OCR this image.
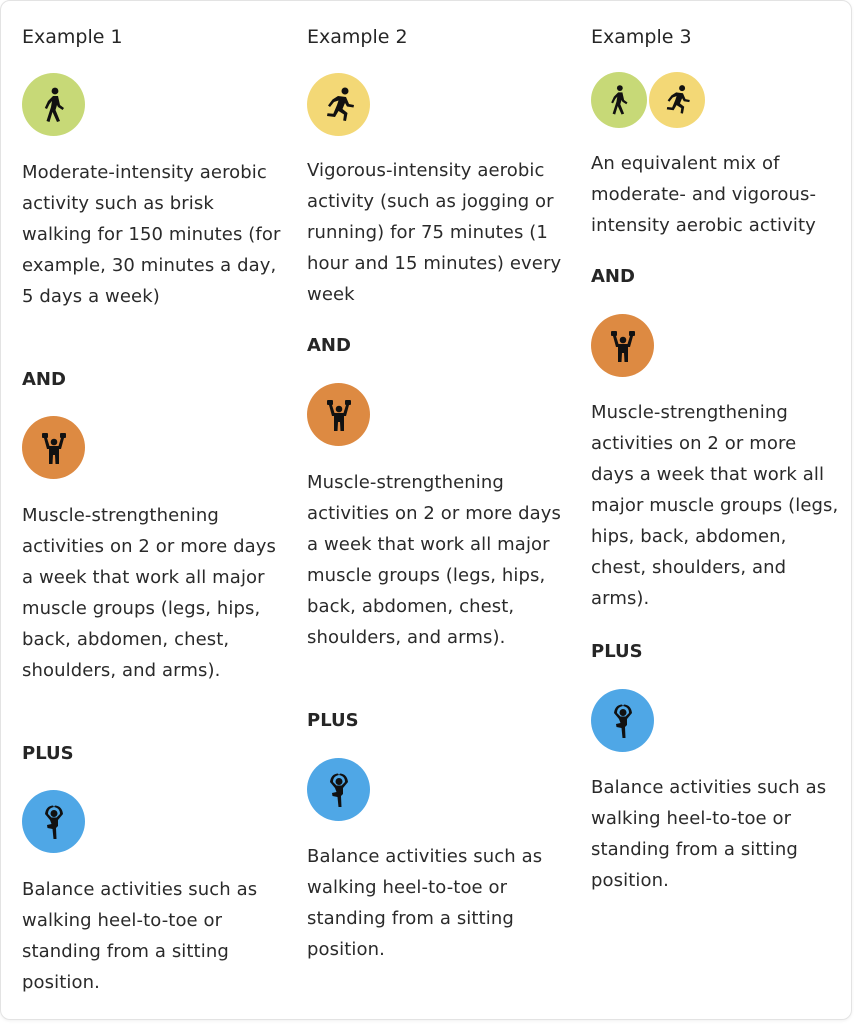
Example 1

Moderate-intensity aerobic activity such as brisk walking for 150 minutes (for example, 30 minutes a day, 5 days a week)

AND

Muscle-strengthening activities on 2 or more days a week that work all major muscle groups (legs, hips, back, abdomen, chest, shoulders, and arms).

PLUS

Balance activities such as walking heel-to-toe or standing from a sitting position.

Example 2

Vigorous-intensity aerobic activity (such as jogging or running) for 75 minutes (1 hour and 15 minutes) every week

AND

Muscle-strengthening activities on 2 or more days a week that work all major muscle groups (legs, hips, back, abdomen, chest, shoulders, and arms).

PLUS

Balance activities such as walking heel-to-toe or standing from a sitting position.

Example 3

An equivalent mix of moderate- and vigorous-intensity aerobic activity

AND

Muscle-strengthening activities on 2 or more days a week that work all major muscle groups (legs, hips, back, abdomen, chest, shoulders, and arms).

PLUS

Balance activities such as walking heel-to-toe or standing from a sitting position.
